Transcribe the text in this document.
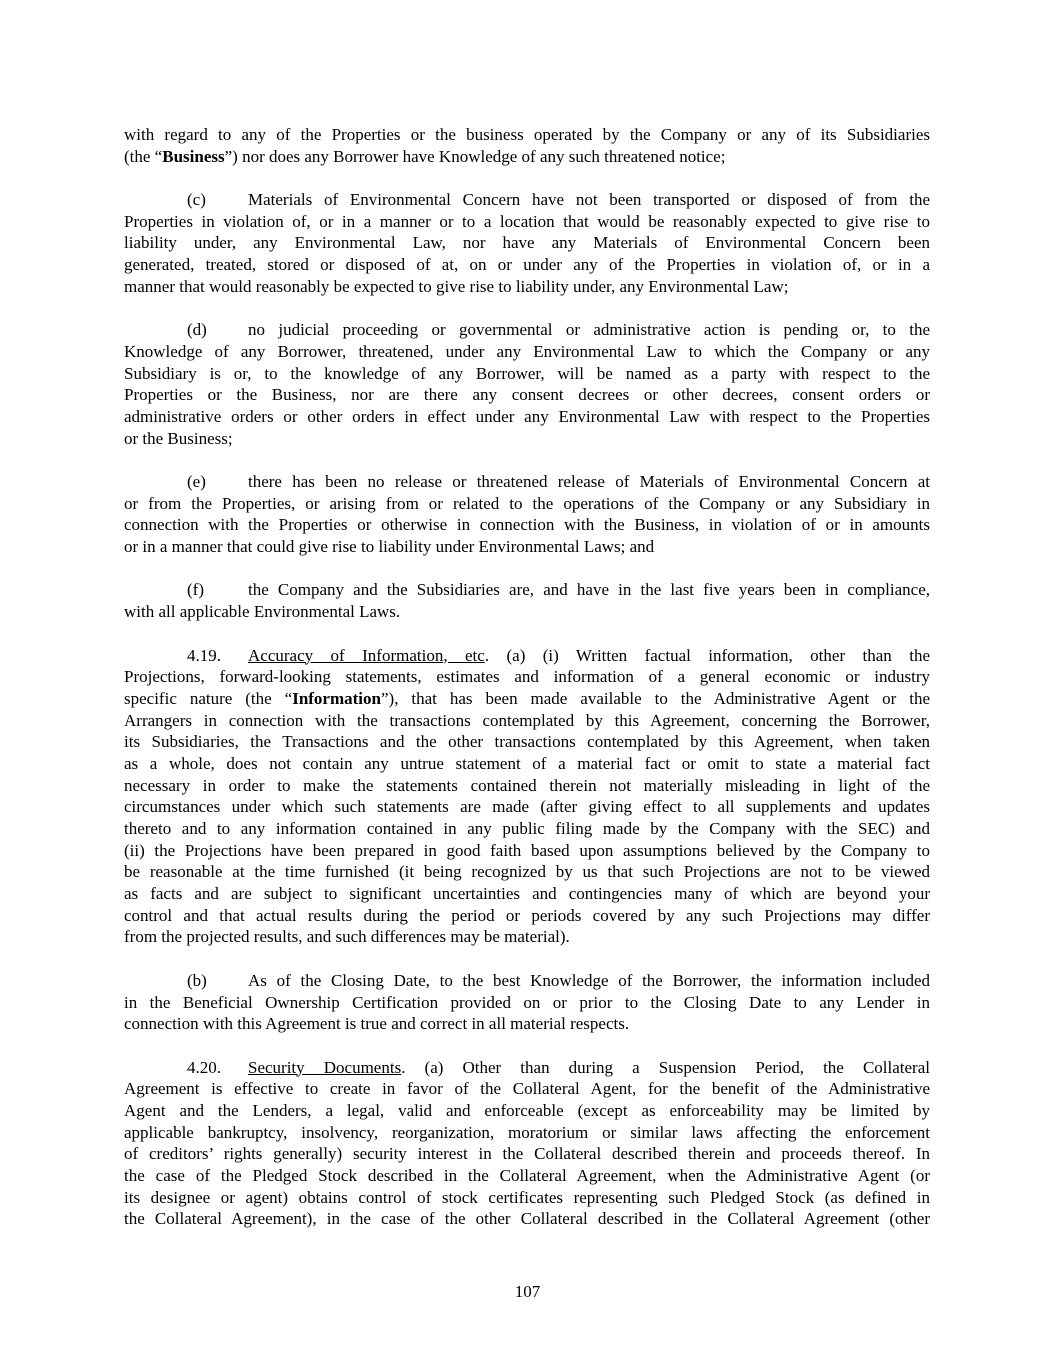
with regard to any of the Properties or the business operated by the Company or any of its Subsidiaries
(the “Business”) nor does any Borrower have Knowledge of any such threatened notice;
(c) Materials of Environmental Concern have not been transported or disposed of from the
Properties in violation of, or in a manner or to a location that would be reasonably expected to give rise to
liability under, any Environmental Law, nor have any Materials of Environmental Concern been
generated, treated, stored or disposed of at, on or under any of the Properties in violation of, or in a
manner that would reasonably be expected to give rise to liability under, any Environmental Law;
(d) no judicial proceeding or governmental or administrative action is pending or, to the
Knowledge of any Borrower, threatened, under any Environmental Law to which the Company or any
Subsidiary is or, to the knowledge of any Borrower, will be named as a party with respect to the
Properties or the Business, nor are there any consent decrees or other decrees, consent orders or
administrative orders or other orders in effect under any Environmental Law with respect to the Properties
or the Business;
(e) there has been no release or threatened release of Materials of Environmental Concern at
or from the Properties, or arising from or related to the operations of the Company or any Subsidiary in
connection with the Properties or otherwise in connection with the Business, in violation of or in amounts
or in a manner that could give rise to liability under Environmental Laws; and
(f)	the Company and the Subsidiaries are, and have in the last five years been in compliance,
with all applicable Environmental Laws.
4.19. Accuracy of Information, etc. (a) (i) Written factual information, other than the
Projections, forward-looking statements, estimates and information of a general economic or industry
specific nature (the “Information”), that has been made available to the Administrative Agent or the
Arrangers in connection with the transactions contemplated by this Agreement, concerning the Borrower,
its Subsidiaries, the Transactions and the other transactions contemplated by this Agreement, when taken
as a whole, does not contain any untrue statement of a material fact or omit to state a material fact
necessary in order to make the statements contained therein not materially misleading in light of the
circumstances under which such statements are made (after giving effect to all supplements and updates
thereto and to any information contained in any public filing made by the Company with the SEC) and
(ii) the Projections have been prepared in good faith based upon assumptions believed by the Company to
be reasonable at the time furnished (it being recognized by us that such Projections are not to be viewed
as facts and are subject to significant uncertainties and contingencies many of which are beyond your
control and that actual results during the period or periods covered by any such Projections may differ
from the projected results, and such differences may be material).
(b) As of the Closing Date, to the best Knowledge of the Borrower, the information included
in the Beneficial Ownership Certification provided on or prior to the Closing Date to any Lender in
connection with this Agreement is true and correct in all material respects.
4.20. Security Documents. (a) Other than during a Suspension Period, the Collateral
Agreement is effective to create in favor of the Collateral Agent, for the benefit of the Administrative
Agent and the Lenders, a legal, valid and enforceable (except as enforceability may be limited by
applicable bankruptcy, insolvency, reorganization, moratorium or similar laws affecting the enforcement
of creditors’ rights generally) security interest in the Collateral described therein and proceeds thereof. In
the case of the Pledged Stock described in the Collateral Agreement, when the Administrative Agent (or
its designee or agent) obtains control of stock certificates representing such Pledged Stock (as defined in
the Collateral Agreement), in the case of the other Collateral described in the Collateral Agreement (other
107
